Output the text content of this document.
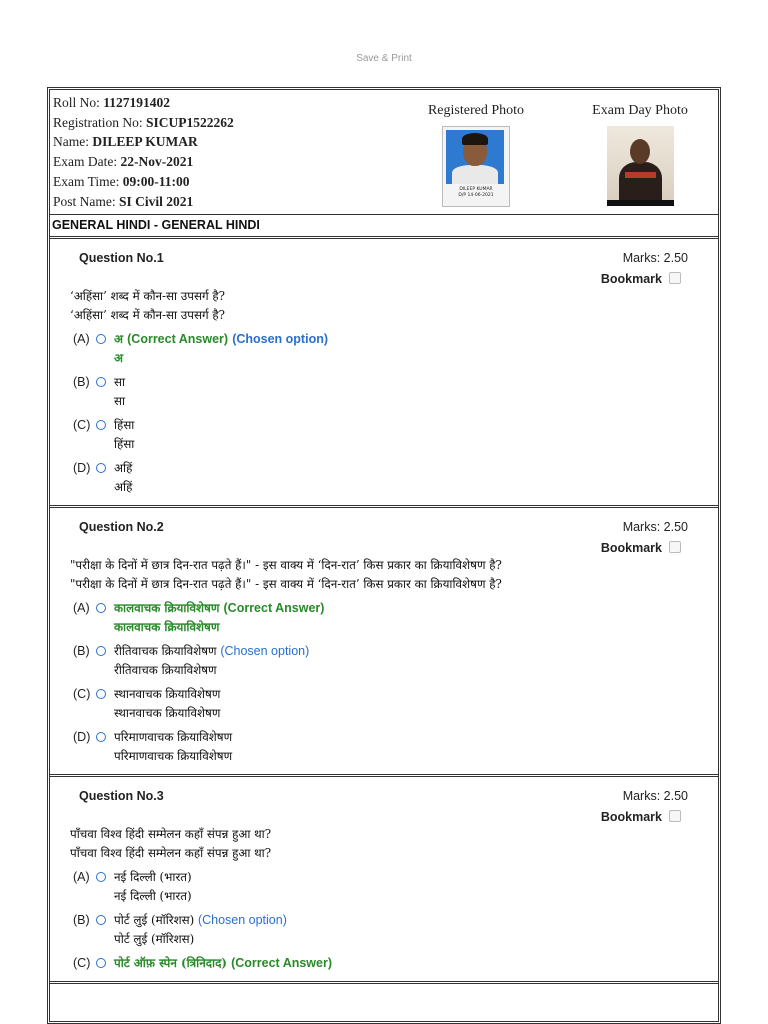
Save & Print
Roll No: 1127191402
Registration No: SICUP1522262
Name: DILEEP KUMAR
Exam Date: 22-Nov-2021
Exam Time: 09:00-11:00
Post Name: SI Civil 2021
Registered Photo
DILEEP KUMAR
D/P 14-06-2021
Exam Day Photo
GENERAL HINDI - GENERAL HINDI
Question No.1	Marks: 2.50
Bookmark
‘अहिंसा’ शब्द में कौन-सा उपसर्ग है?
‘अहिंसा’ शब्द में कौन-सा उपसर्ग है?
(A)	अ (Correct Answer) (Chosen option)
अ
(B)	सा
सा
(C)	हिंसा
हिंसा
(D)	अहिं
अहिं
Question No.2	Marks: 2.50
Bookmark
"परीक्षा के दिनों में छात्र दिन-रात पढ़ते हैं।" - इस वाक्य में ‘दिन-रात’ किस प्रकार का क्रियाविशेषण है?
"परीक्षा के दिनों में छात्र दिन-रात पढ़ते हैं।" - इस वाक्य में ‘दिन-रात’ किस प्रकार का क्रियाविशेषण है?
(A)	कालवाचक क्रियाविशेषण (Correct Answer)
कालवाचक क्रियाविशेषण
(B)	रीतिवाचक क्रियाविशेषण (Chosen option)
रीतिवाचक क्रियाविशेषण
(C)	स्थानवाचक क्रियाविशेषण
स्थानवाचक क्रियाविशेषण
(D)	परिमाणवाचक क्रियाविशेषण
परिमाणवाचक क्रियाविशेषण
Question No.3	Marks: 2.50
Bookmark
पाँचवा विश्व हिंदी सम्मेलन कहाँ संपन्न हुआ था?
पाँचवा विश्व हिंदी सम्मेलन कहाँ संपन्न हुआ था?
(A)	नई दिल्ली (भारत)
नई दिल्ली (भारत)
(B)	पोर्ट लुई (मॉरिशस) (Chosen option)
पोर्ट लुई (मॉरिशस)
(C)	पोर्ट ऑफ़ स्पेन (त्रिनिदाद) (Correct Answer)
